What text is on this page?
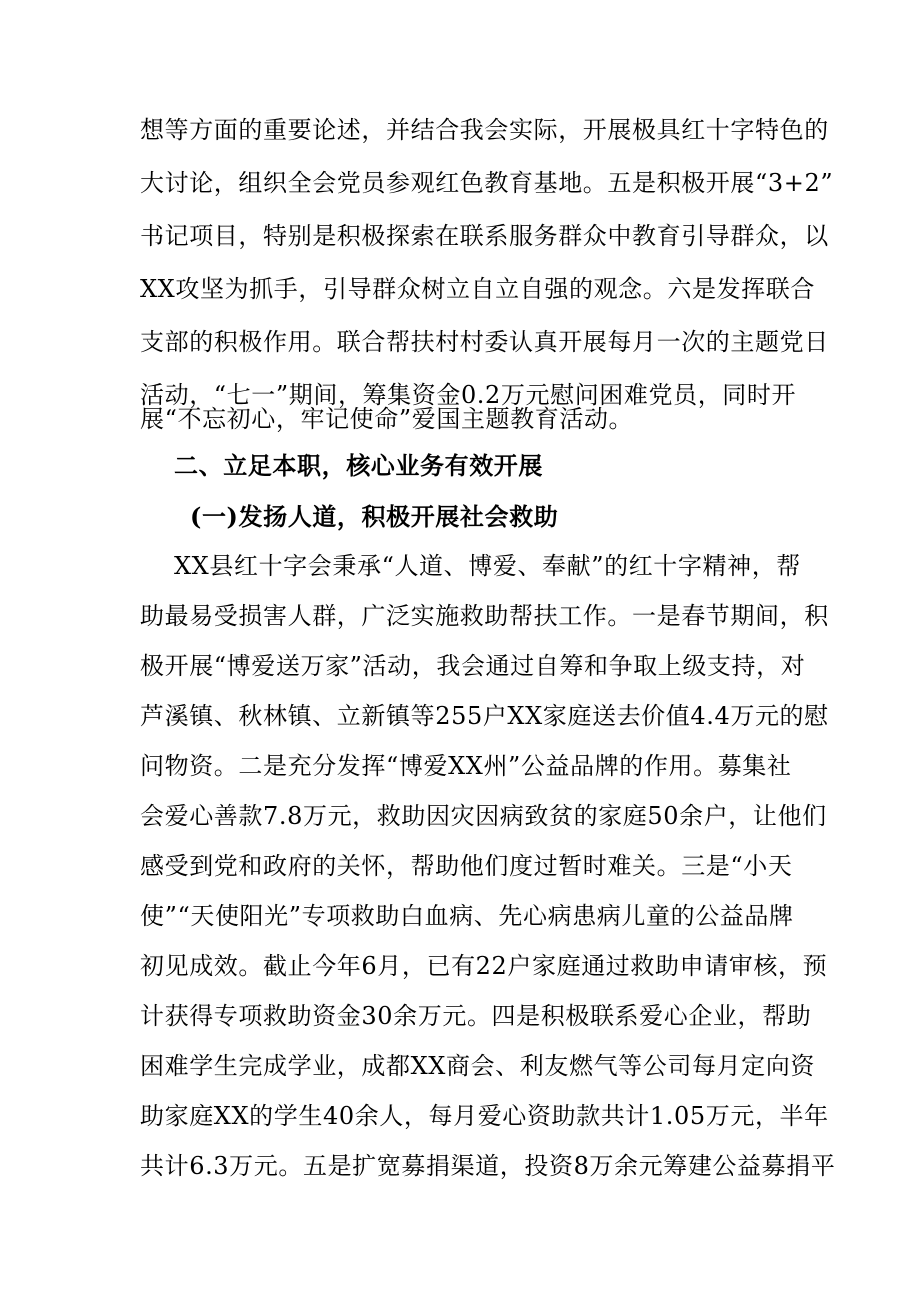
想等方面的重要论述，并结合我会实际，开展极具红十字特色的
大讨论，组织全会党员参观红色教育基地。五是积极开展“3+2”
书记项目，特别是积极探索在联系服务群众中教育引导群众，以
XX攻坚为抓手，引导群众树立自立自强的观念。六是发挥联合
支部的积极作用。联合帮扶村村委认真开展每月一次的主题党日
活动，“七一”期间，筹集资金0.2万元慰问困难党员，同时开
展“不忘初心，牢记使命”爱国主题教育活动。
二、立足本职，核心业务有效开展
(一)发扬人道，积极开展社会救助
XX县红十字会秉承“人道、博爱、奉献”的红十字精神，帮
助最易受损害人群，广泛实施救助帮扶工作。一是春节期间，积
极开展“博爱送万家”活动，我会通过自筹和争取上级支持，对
芦溪镇、秋林镇、立新镇等255户XX家庭送去价值4.4万元的慰
问物资。二是充分发挥“博爱XX州”公益品牌的作用。募集社
会爱心善款7.8万元，救助因灾因病致贫的家庭50余户，让他们
感受到党和政府的关怀，帮助他们度过暂时难关。三是“小天
使”“天使阳光”专项救助白血病、先心病患病儿童的公益品牌
初见成效。截止今年6月，已有22户家庭通过救助申请审核，预
计获得专项救助资金30余万元。四是积极联系爱心企业，帮助
困难学生完成学业，成都XX商会、利友燃气等公司每月定向资
助家庭XX的学生40余人，每月爱心资助款共计1.05万元，半年
共计6.3万元。五是扩宽募捐渠道，投资8万余元筹建公益募捐平
